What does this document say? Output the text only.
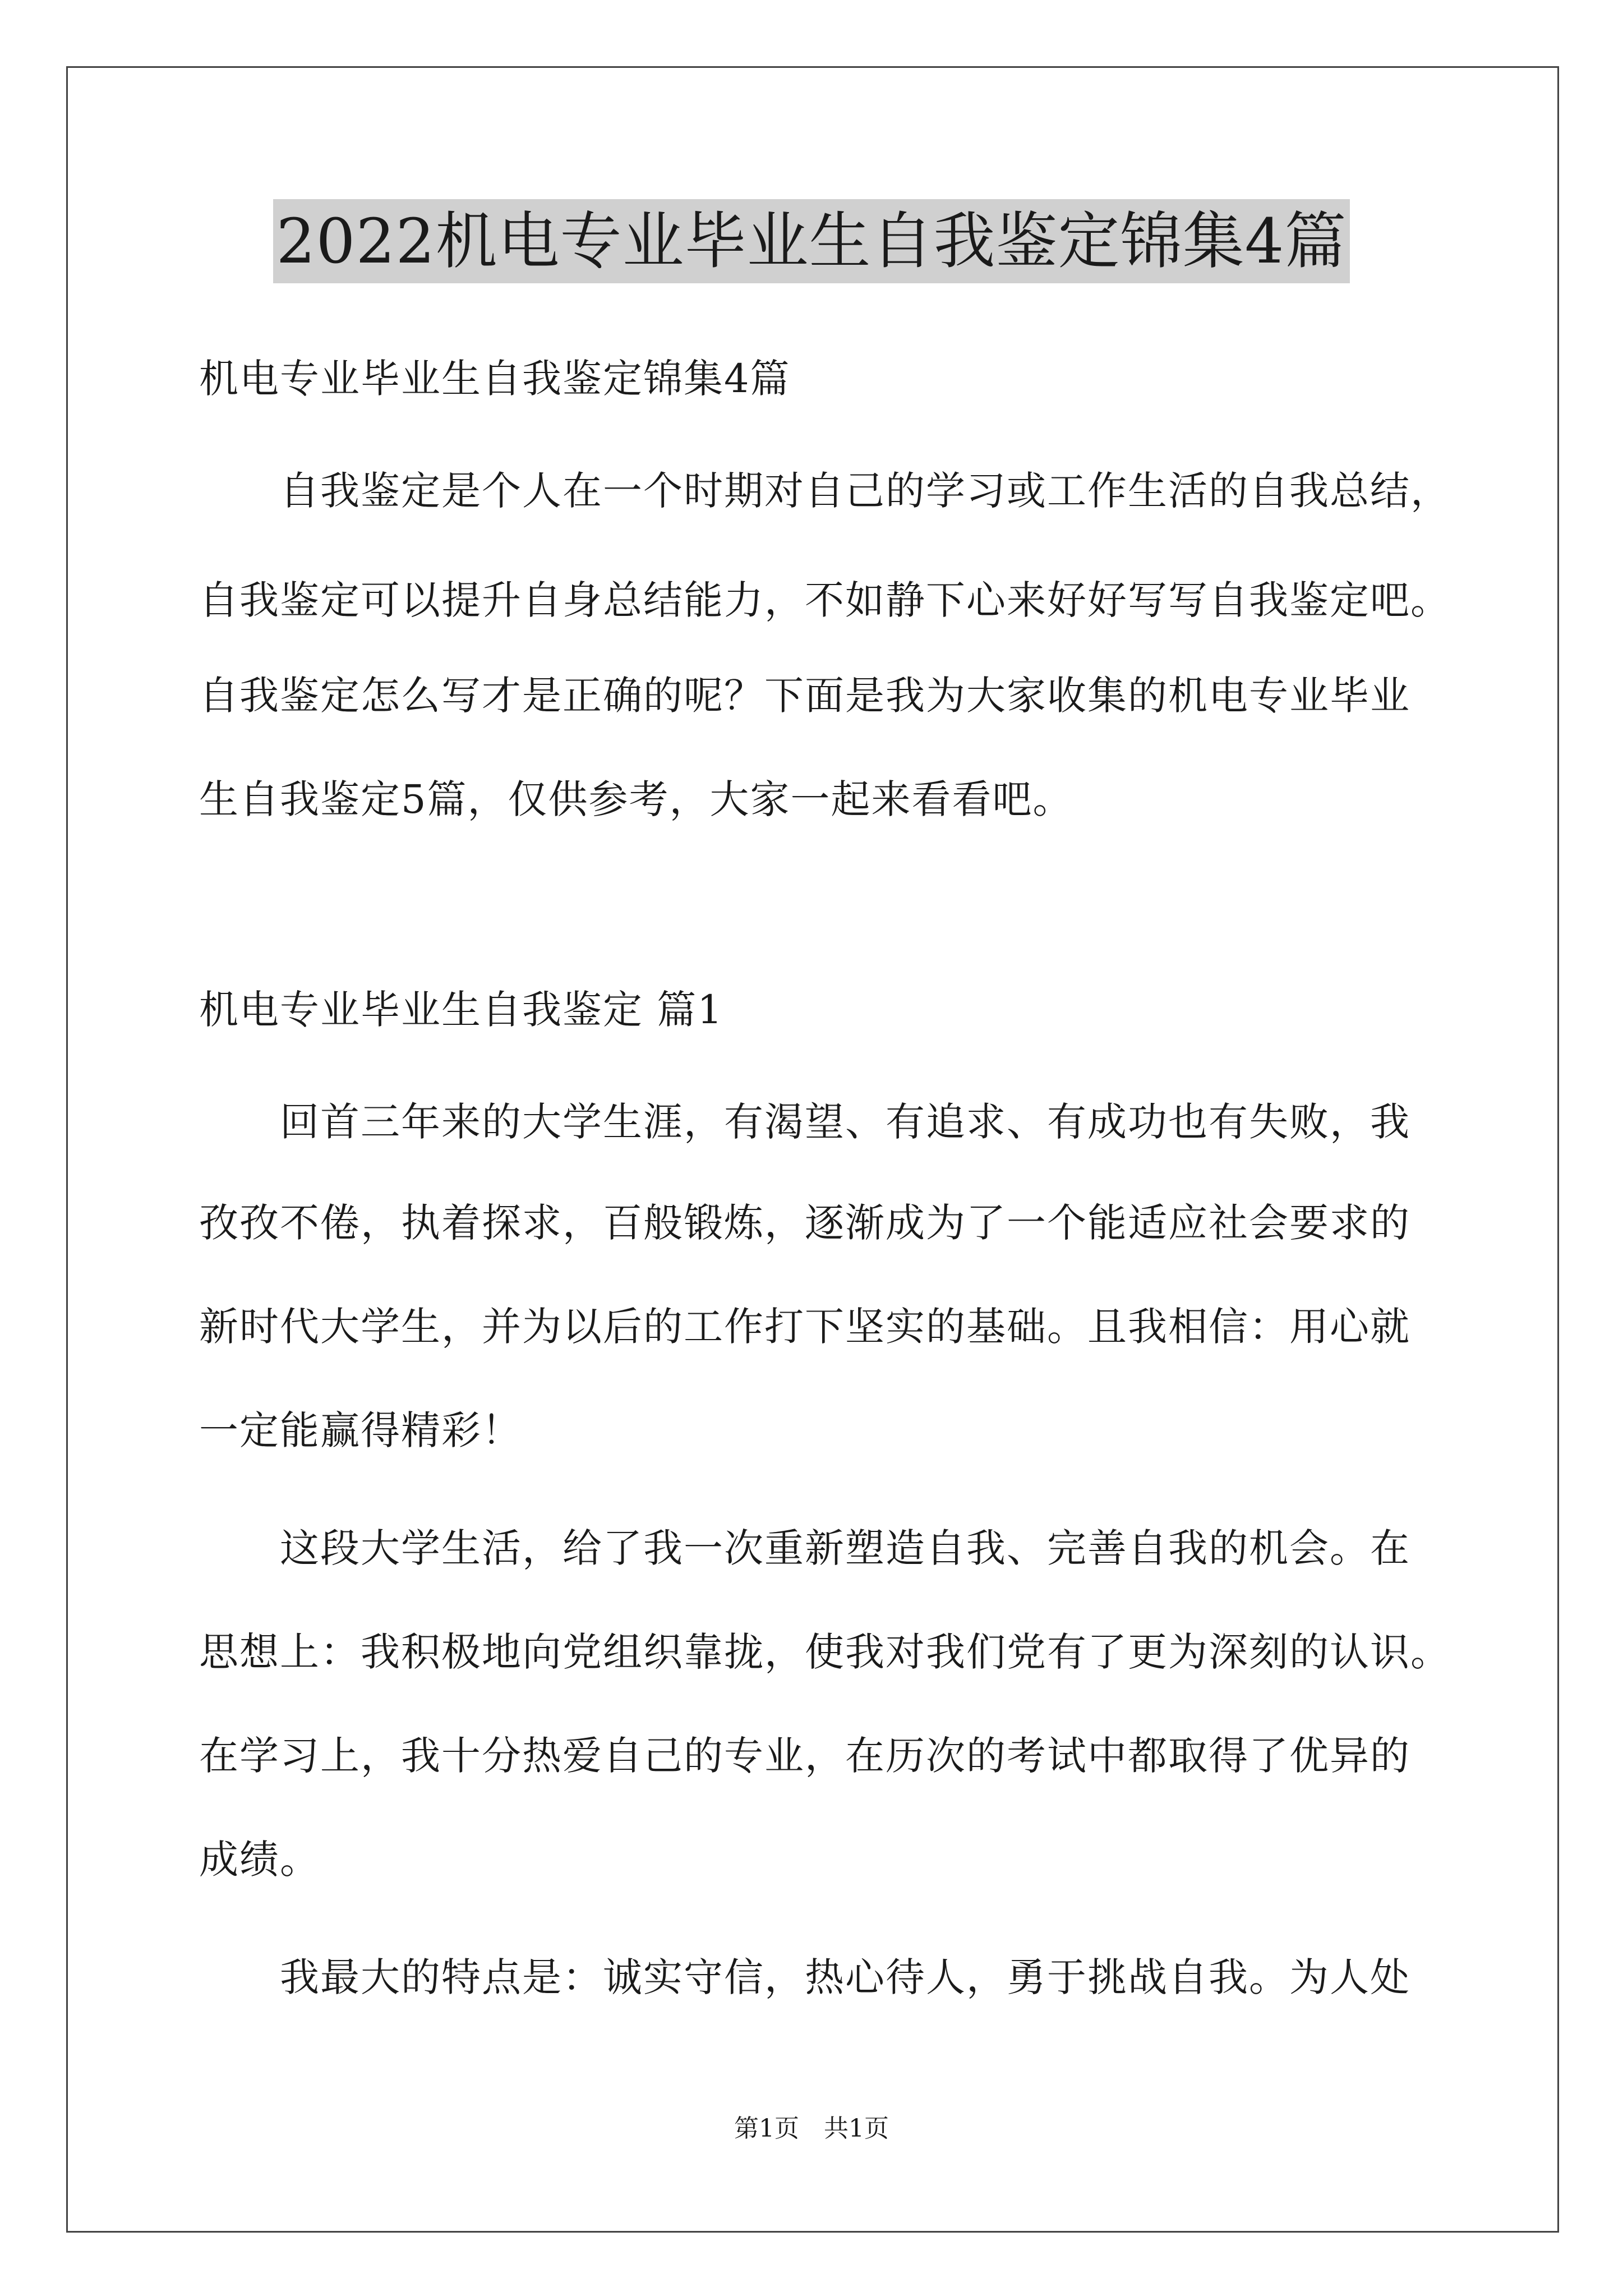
2022机电专业毕业生自我鉴定锦集4篇
机电专业毕业生自我鉴定锦集4篇
　　自我鉴定是个人在一个时期对自己的学习或工作生活的自我总结，
自我鉴定可以提升自身总结能力，不如静下心来好好写写自我鉴定吧。
自我鉴定怎么写才是正确的呢？下面是我为大家收集的机电专业毕业
生自我鉴定5篇，仅供参考，大家一起来看看吧。
机电专业毕业生自我鉴定 篇1
　　回首三年来的大学生涯，有渴望、有追求、有成功也有失败，我
孜孜不倦，执着探求，百般锻炼，逐渐成为了一个能适应社会要求的
新时代大学生，并为以后的工作打下坚实的基础。且我相信：用心就
一定能赢得精彩！
　　这段大学生活，给了我一次重新塑造自我、完善自我的机会。在
思想上：我积极地向党组织靠拢，使我对我们党有了更为深刻的认识。
在学习上，我十分热爱自己的专业，在历次的考试中都取得了优异的
成绩。
　　我最大的特点是：诚实守信，热心待人，勇于挑战自我。为人处
第1页　共1页
